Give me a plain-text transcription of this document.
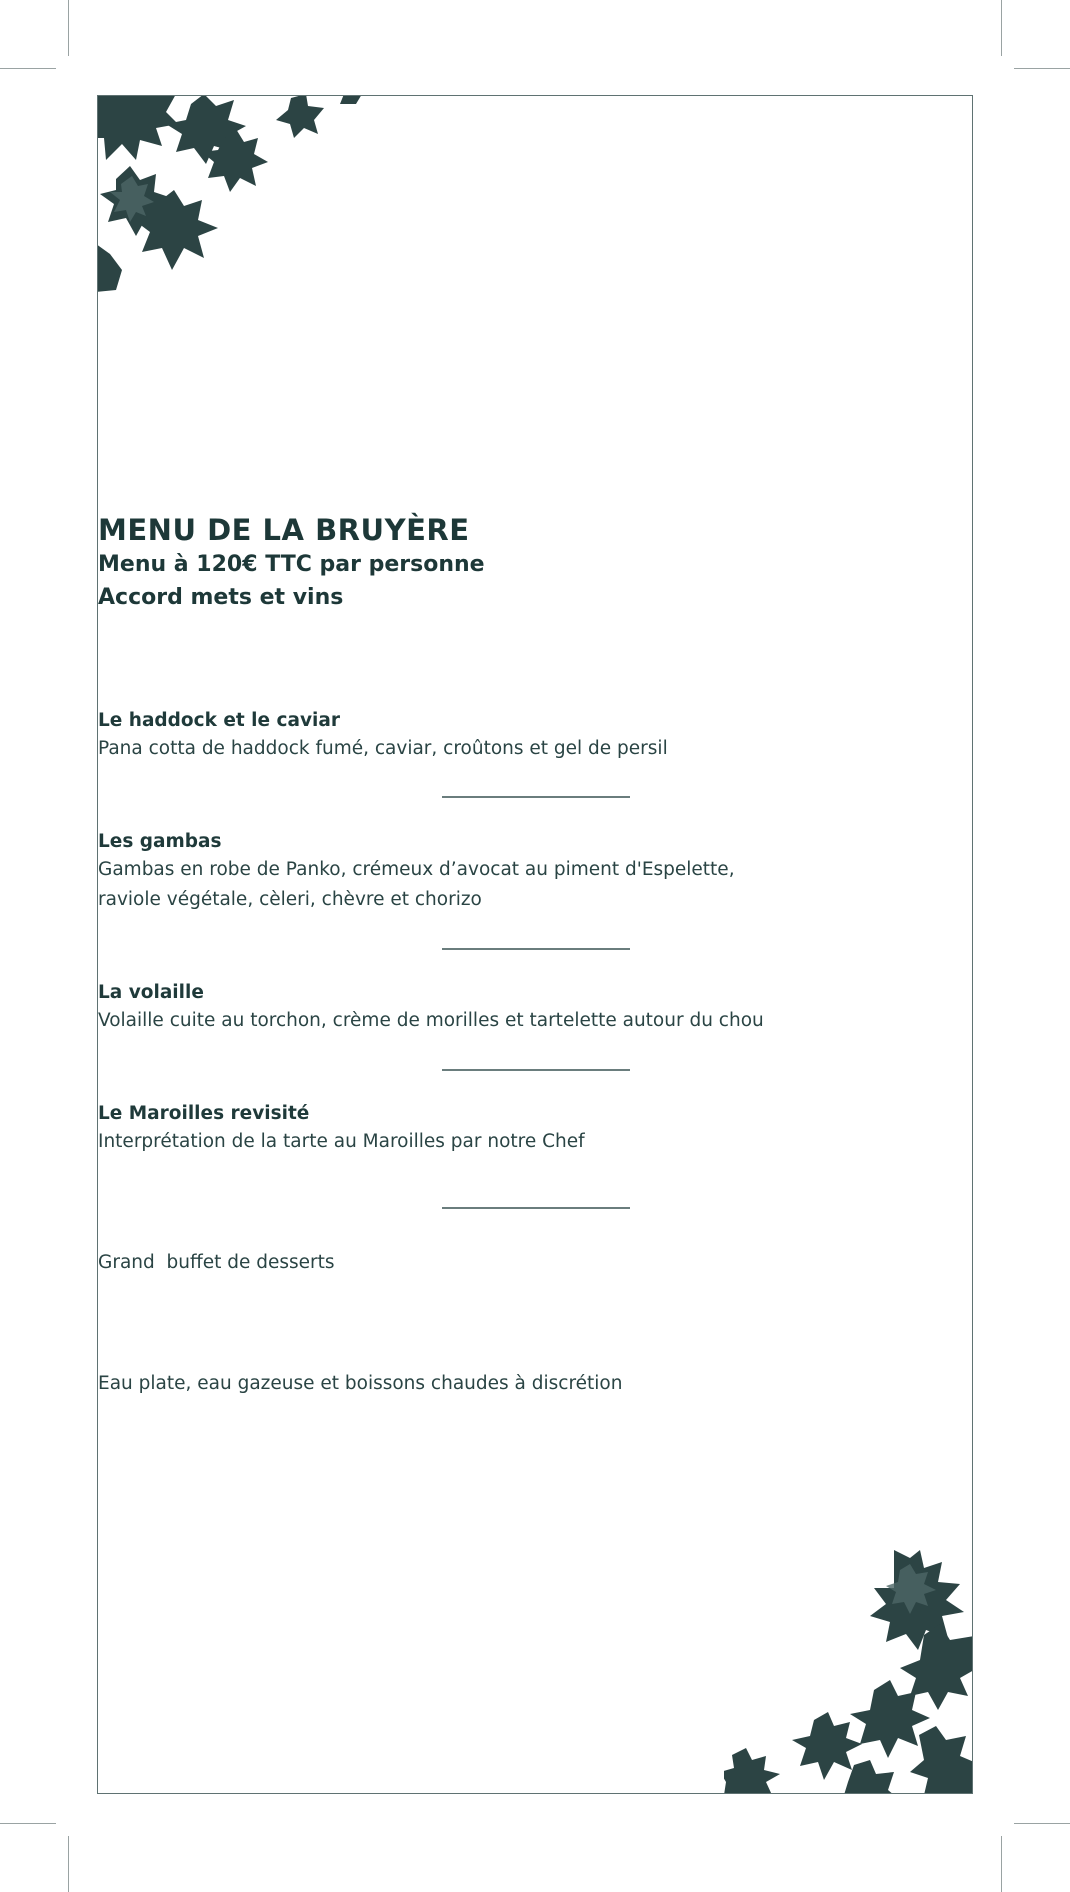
MENU DE LA BRUYÈRE
Menu à 120€ TTC par personne
Accord mets et vins
Le haddock et le caviar
Pana cotta de haddock fumé, caviar, croûtons et gel de persil
Les gambas
Gambas en robe de Panko, crémeux d’avocat au piment d'Espelette,
raviole végétale, cèleri, chèvre et chorizo
La volaille
Volaille cuite au torchon, crème de morilles et tartelette autour du chou
Le Maroilles revisité
Interprétation de la tarte au Maroilles par notre Chef
Grand  buffet de desserts
Eau plate, eau gazeuse et boissons chaudes à discrétion
